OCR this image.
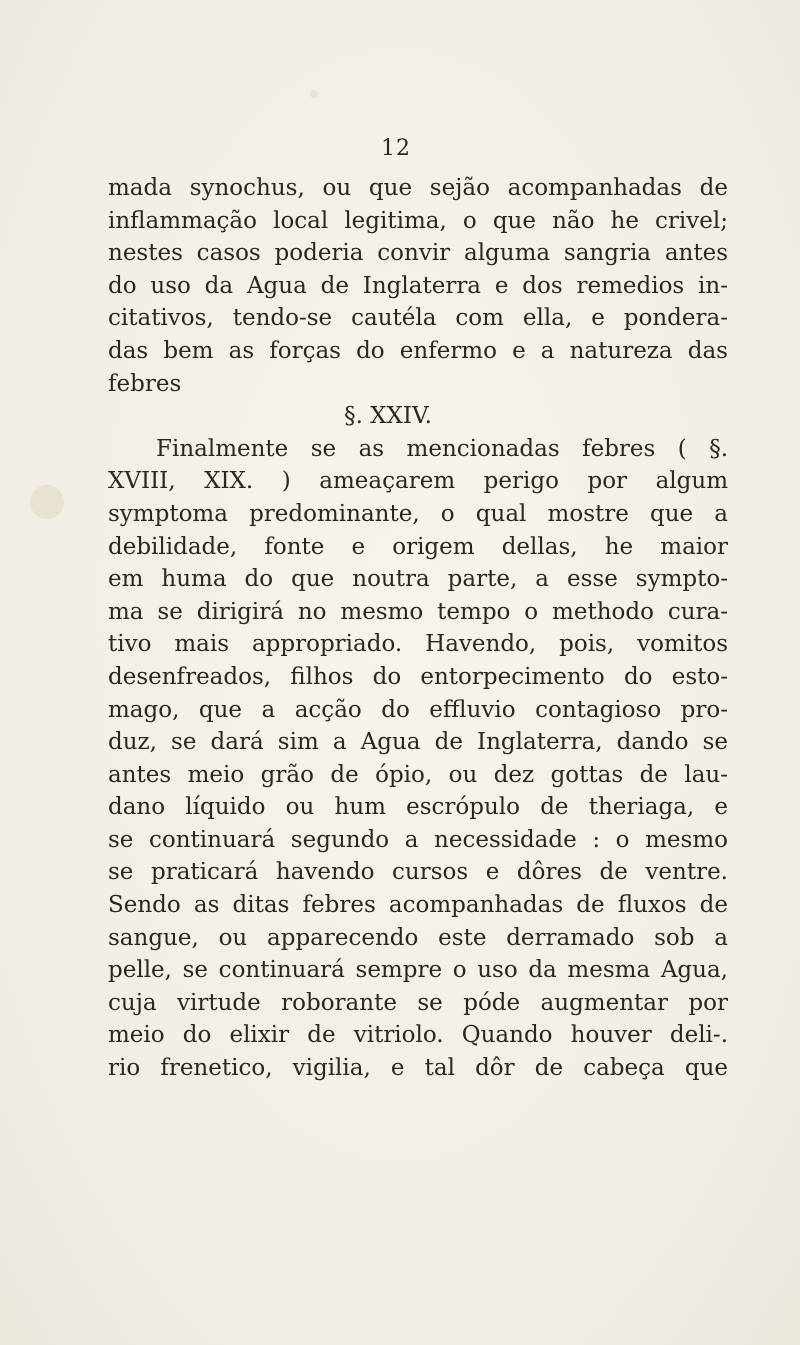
12
mada synochus, ou que sejão acompanhadas de
inflammação local legitima, o que não he crivel;
nestes casos poderia convir alguma sangria antes
do uso da Agua de Inglaterra e dos remedios in-
citativos, tendo-se cautéla com ella, e pondera-
das bem as forças do enfermo e a natureza das
febres
§. XXIV.
Finalmente se as mencionadas febres ( §.
XVIII, XIX. ) ameaçarem perigo por algum
symptoma predominante, o qual mostre que a
debilidade, fonte e origem dellas, he maior
em huma do que noutra parte, a esse sympto-
ma se dirigirá no mesmo tempo o methodo cura-
tivo mais appropriado. Havendo, pois, vomitos
desenfreados, filhos do entorpecimento do esto-
mago, que a acção do effluvio contagioso pro-
duz, se dará sim a Agua de Inglaterra, dando se
antes meio grão de ópio, ou dez gottas de lau-
dano líquido ou hum escrópulo de theriaga, e
se continuará segundo a necessidade : o mesmo
se praticará havendo cursos e dôres de ventre.
Sendo as ditas febres acompanhadas de fluxos de
sangue, ou apparecendo este derramado sob a
pelle, se continuará sempre o uso da mesma Agua,
cuja virtude roborante se póde augmentar por
meio do elixir de vitriolo. Quando houver deli-.
rio frenetico, vigilia, e tal dôr de cabeça que
